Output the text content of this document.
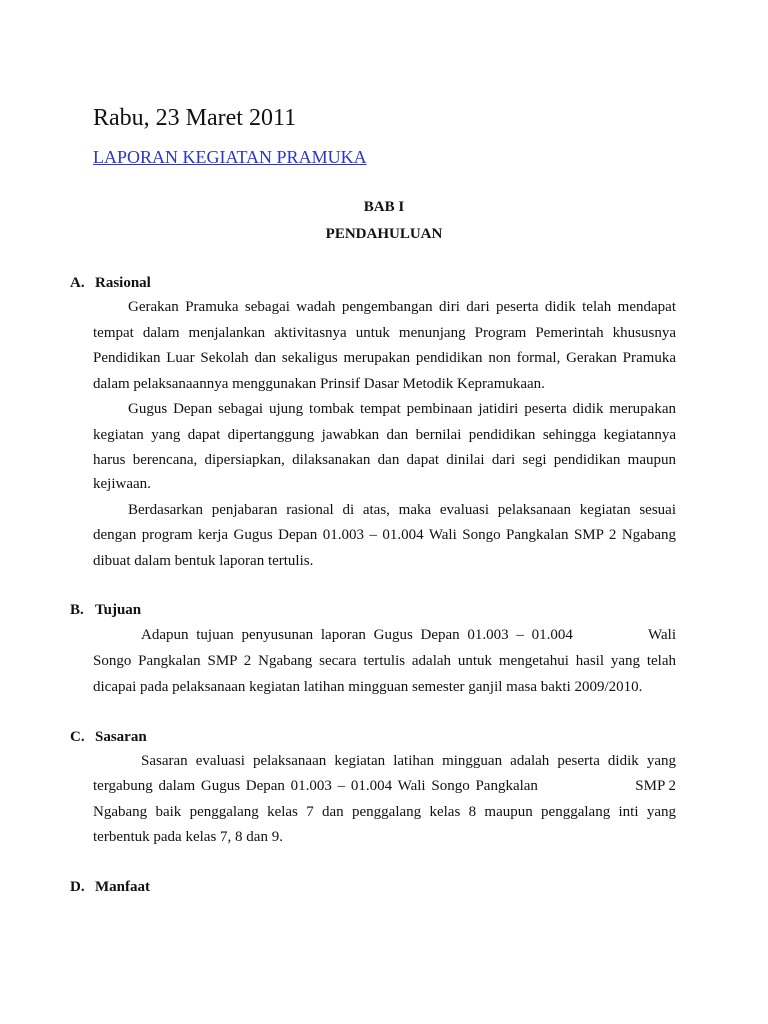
Rabu, 23 Maret 2011
LAPORAN KEGIATAN PRAMUKA
BAB I
PENDAHULUAN
A. Rasional
Gerakan Pramuka sebagai wadah pengembangan diri dari peserta didik telah mendapat
tempat dalam menjalankan aktivitasnya untuk menunjang Program Pemerintah khususnya
Pendidikan Luar Sekolah dan sekaligus merupakan pendidikan non formal, Gerakan Pramuka
dalam pelaksanaannya menggunakan Prinsif Dasar Metodik Kepramukaan.
Gugus Depan sebagai ujung tombak tempat pembinaan jatidiri peserta didik merupakan
kegiatan yang dapat dipertanggung jawabkan dan bernilai pendidikan sehingga kegiatannya
harus berencana, dipersiapkan, dilaksanakan dan dapat dinilai dari segi pendidikan maupun
kejiwaan.
Berdasarkan penjabaran rasional di atas, maka evaluasi pelaksanaan kegiatan sesuai
dengan program kerja Gugus Depan 01.003 – 01.004 Wali Songo Pangkalan SMP 2 Ngabang
dibuat dalam bentuk laporan tertulis.
B. Tujuan
Adapun tujuan penyusunan laporan Gugus Depan 01.003 – 01.004	Wali
Songo Pangkalan SMP 2 Ngabang secara tertulis adalah untuk mengetahui hasil yang telah
dicapai pada pelaksanaan kegiatan latihan mingguan semester ganjil masa bakti 2009/2010.
C. Sasaran
Sasaran evaluasi pelaksanaan kegiatan latihan mingguan adalah peserta didik yang
tergabung dalam Gugus Depan 01.003 – 01.004 Wali Songo Pangkalan	SMP 2
Ngabang baik penggalang kelas 7 dan penggalang kelas 8 maupun penggalang inti yang
terbentuk pada kelas 7, 8 dan 9.
D. Manfaat
